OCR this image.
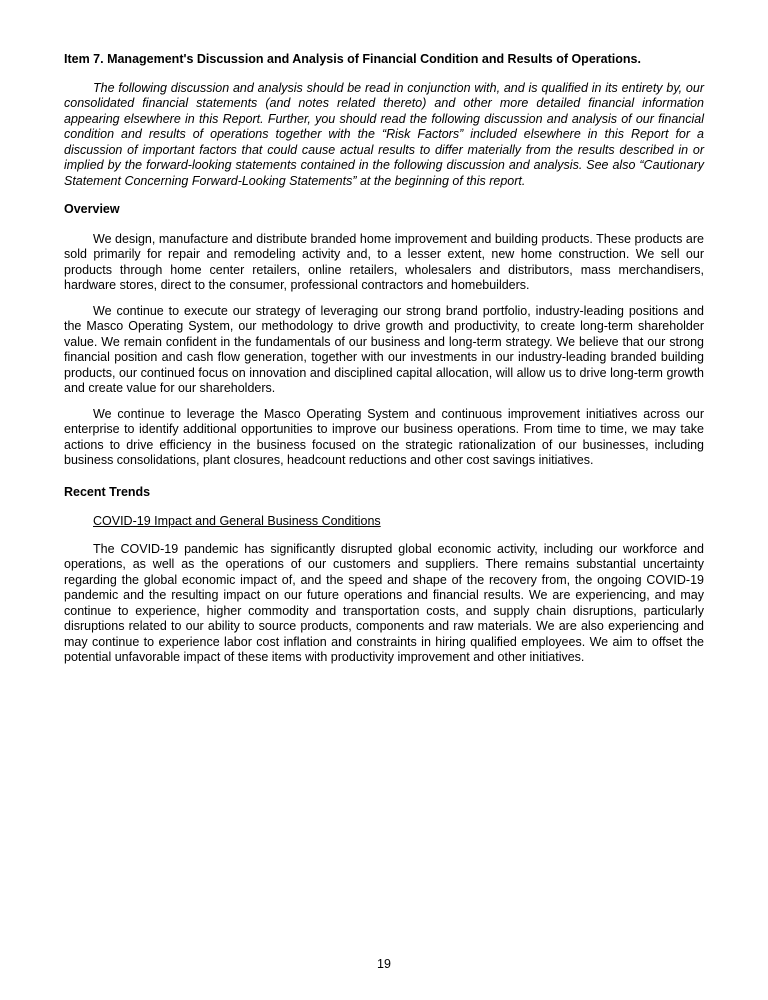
Item 7. Management's Discussion and Analysis of Financial Condition and Results of Operations.

The following discussion and analysis should be read in conjunction with, and is qualified in its entirety by, our consolidated financial statements (and notes related thereto) and other more detailed financial information appearing elsewhere in this Report. Further, you should read the following discussion and analysis of our financial condition and results of operations together with the “Risk Factors” included elsewhere in this Report for a discussion of important factors that could cause actual results to differ materially from the results described in or implied by the forward-looking statements contained in the following discussion and analysis. See also “Cautionary Statement Concerning Forward-Looking Statements” at the beginning of this report.

Overview

We design, manufacture and distribute branded home improvement and building products. These products are sold primarily for repair and remodeling activity and, to a lesser extent, new home construction. We sell our products through home center retailers, online retailers, wholesalers and distributors, mass merchandisers, hardware stores, direct to the consumer, professional contractors and homebuilders.

We continue to execute our strategy of leveraging our strong brand portfolio, industry-leading positions and the Masco Operating System, our methodology to drive growth and productivity, to create long-term shareholder value. We remain confident in the fundamentals of our business and long-term strategy. We believe that our strong financial position and cash flow generation, together with our investments in our industry-leading branded building products, our continued focus on innovation and disciplined capital allocation, will allow us to drive long-term growth and create value for our shareholders.

We continue to leverage the Masco Operating System and continuous improvement initiatives across our enterprise to identify additional opportunities to improve our business operations. From time to time, we may take actions to drive efficiency in the business focused on the strategic rationalization of our businesses, including business consolidations, plant closures, headcount reductions and other cost savings initiatives.

Recent Trends

COVID-19 Impact and General Business Conditions

The COVID-19 pandemic has significantly disrupted global economic activity, including our workforce and operations, as well as the operations of our customers and suppliers. There remains substantial uncertainty regarding the global economic impact of, and the speed and shape of the recovery from, the ongoing COVID-19 pandemic and the resulting impact on our future operations and financial results. We are experiencing, and may continue to experience, higher commodity and transportation costs, and supply chain disruptions, particularly disruptions related to our ability to source products, components and raw materials. We are also experiencing and may continue to experience labor cost inflation and constraints in hiring qualified employees. We aim to offset the potential unfavorable impact of these items with productivity improvement and other initiatives.

19
